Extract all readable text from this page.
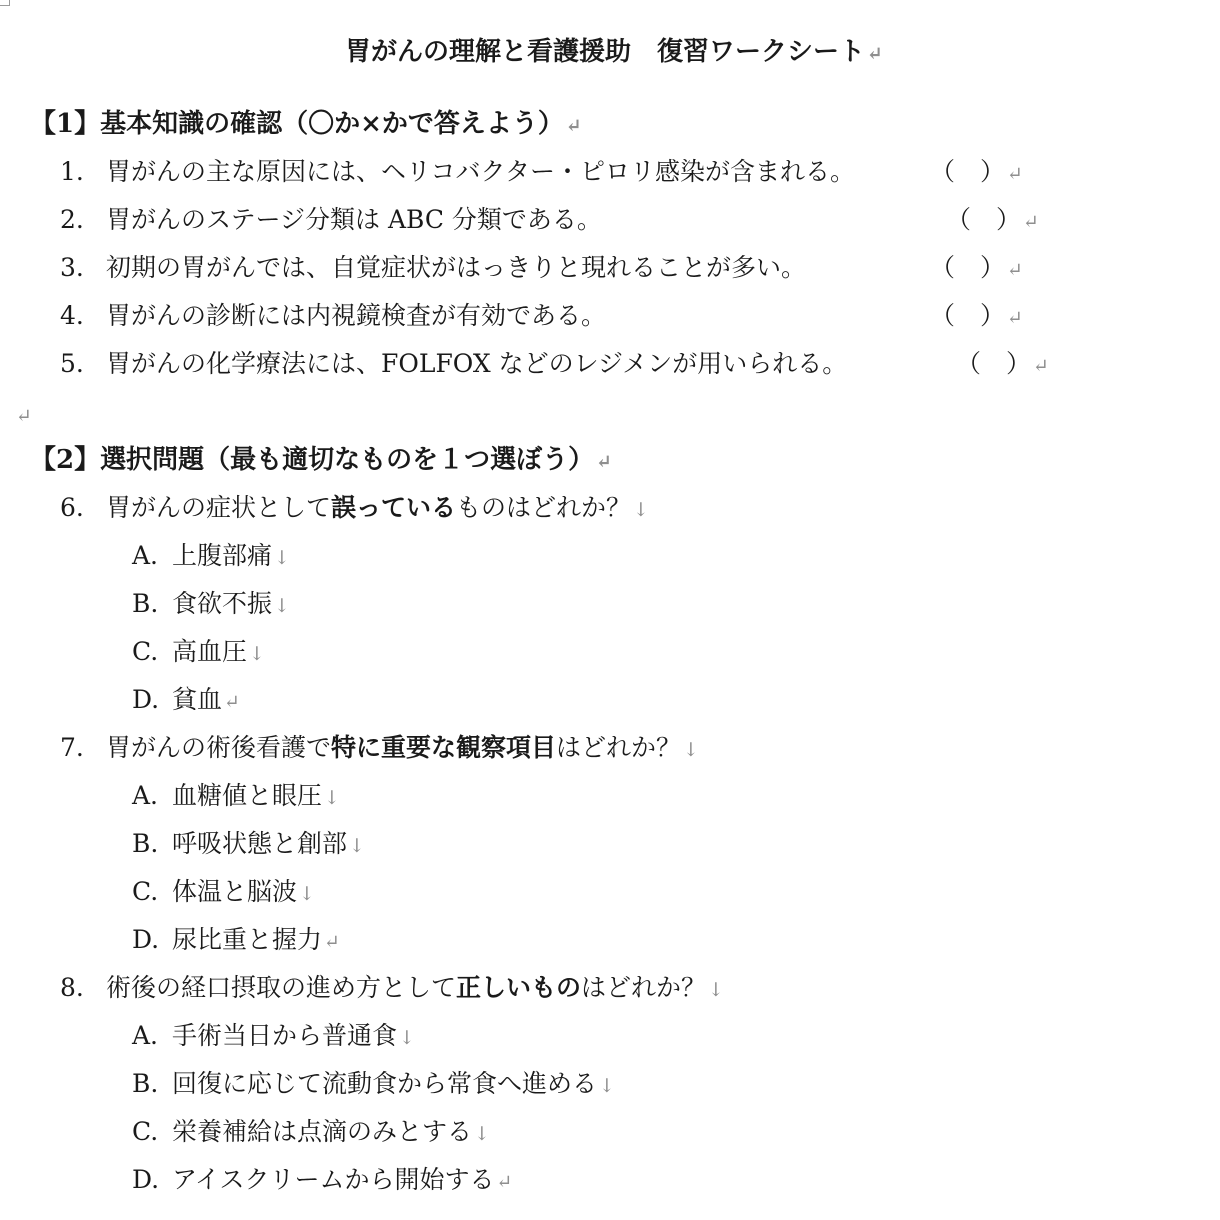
胃がんの理解と看護援助　復習ワークシート ↵
【1】基本知識の確認（〇か×かで答えよう） ↵
1. 胃がんの主な原因には、ヘリコバクター・ピロリ感染が含まれる。	（　） ↵
2. 胃がんのステージ分類は ABC 分類である。	（　） ↵
3. 初期の胃がんでは、自覚症状がはっきりと現れることが多い。	（　） ↵
4. 胃がんの診断には内視鏡検査が有効である。	（　） ↵
5. 胃がんの化学療法には、FOLFOX などのレジメンが用いられる。	（　） ↵
↵
【2】選択問題（最も適切なものを１つ選ぼう） ↵
6. 胃がんの症状として誤っているものはどれか？ ↓
A. 上腹部痛 ↓
B. 食欲不振 ↓
C. 高血圧 ↓
D. 貧血 ↵
7. 胃がんの術後看護で特に重要な観察項目はどれか？ ↓
A. 血糖値と眼圧 ↓
B. 呼吸状態と創部 ↓
C. 体温と脳波 ↓
D. 尿比重と握力 ↵
8. 術後の経口摂取の進め方として正しいものはどれか？ ↓
A. 手術当日から普通食 ↓
B. 回復に応じて流動食から常食へ進める ↓
C. 栄養補給は点滴のみとする ↓
D. アイスクリームから開始する ↵
